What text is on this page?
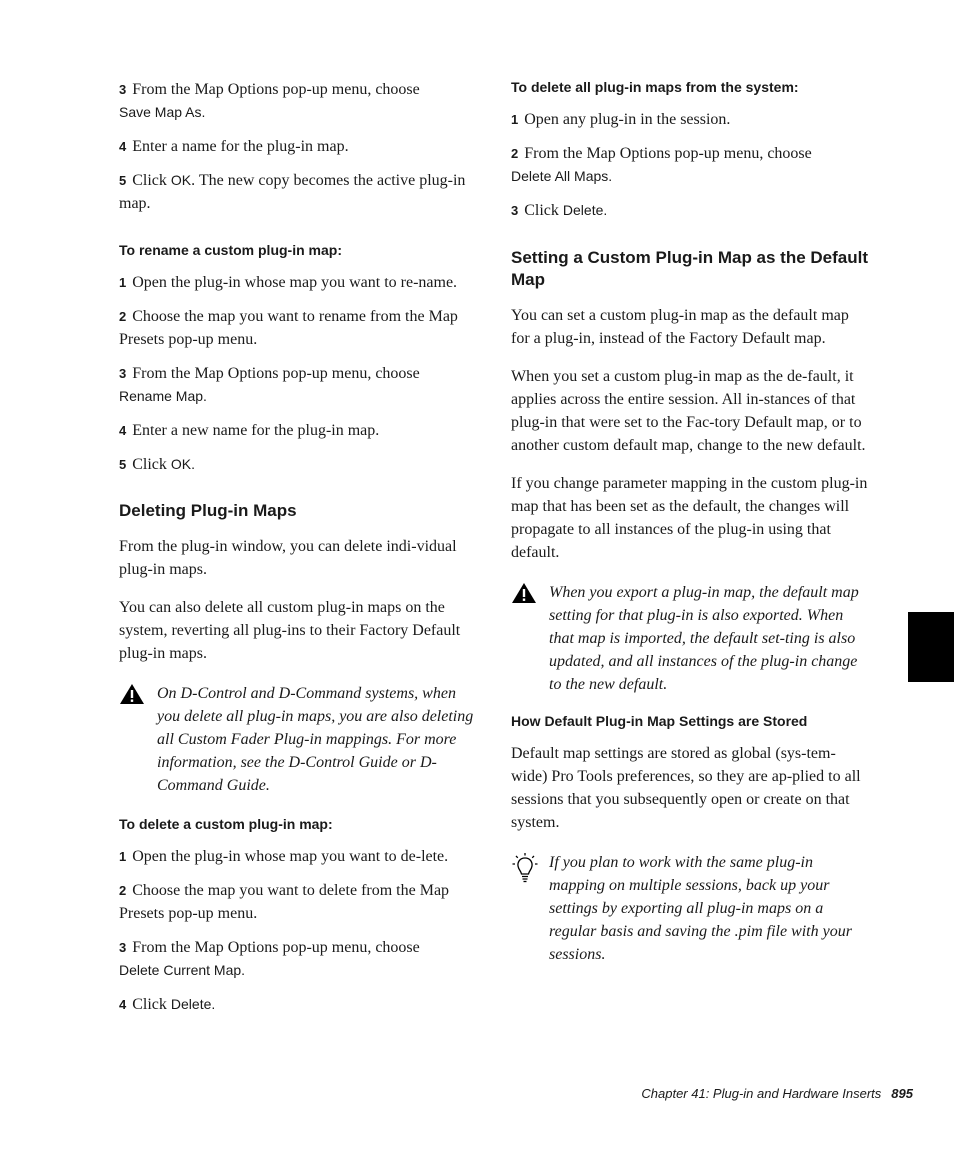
3 From the Map Options pop-up menu, choose
Save Map As.

4 Enter a name for the plug-in map.

5 Click OK. The new copy becomes the active plug-in map.

To rename a custom plug-in map:

1 Open the plug-in whose map you want to re-name.

2 Choose the map you want to rename from the Map Presets pop-up menu.

3 From the Map Options pop-up menu, choose
Rename Map.

4 Enter a new name for the plug-in map.

5 Click OK.

Deleting Plug-in Maps

From the plug-in window, you can delete indi-vidual plug-in maps.

You can also delete all custom plug-in maps on the system, reverting all plug-ins to their Factory Default plug-in maps.

On D-Control and D-Command systems, when you delete all plug-in maps, you are also deleting all Custom Fader Plug-in mappings. For more information, see the D-Control Guide or D-Command Guide.

To delete a custom plug-in map:

1 Open the plug-in whose map you want to de-lete.

2 Choose the map you want to delete from the Map Presets pop-up menu.

3 From the Map Options pop-up menu, choose
Delete Current Map.

4 Click Delete.

To delete all plug-in maps from the system:

1 Open any plug-in in the session.

2 From the Map Options pop-up menu, choose
Delete All Maps.

3 Click Delete.

Setting a Custom Plug-in Map as the Default Map

You can set a custom plug-in map as the default map for a plug-in, instead of the Factory Default map.

When you set a custom plug-in map as the de-fault, it applies across the entire session. All in-stances of that plug-in that were set to the Fac-tory Default map, or to another custom default map, change to the new default.

If you change parameter mapping in the custom plug-in map that has been set as the default, the changes will propagate to all instances of the plug-in using that default.

When you export a plug-in map, the default map setting for that plug-in is also exported. When that map is imported, the default set-ting is also updated, and all instances of the plug-in change to the new default.

How Default Plug-in Map Settings are Stored

Default map settings are stored as global (sys-tem-wide) Pro Tools preferences, so they are ap-plied to all sessions that you subsequently open or create on that system.

If you plan to work with the same plug-in mapping on multiple sessions, back up your settings by exporting all plug-in maps on a regular basis and saving the .pim file with your sessions.
Chapter 41: Plug-in and Hardware Inserts 895
